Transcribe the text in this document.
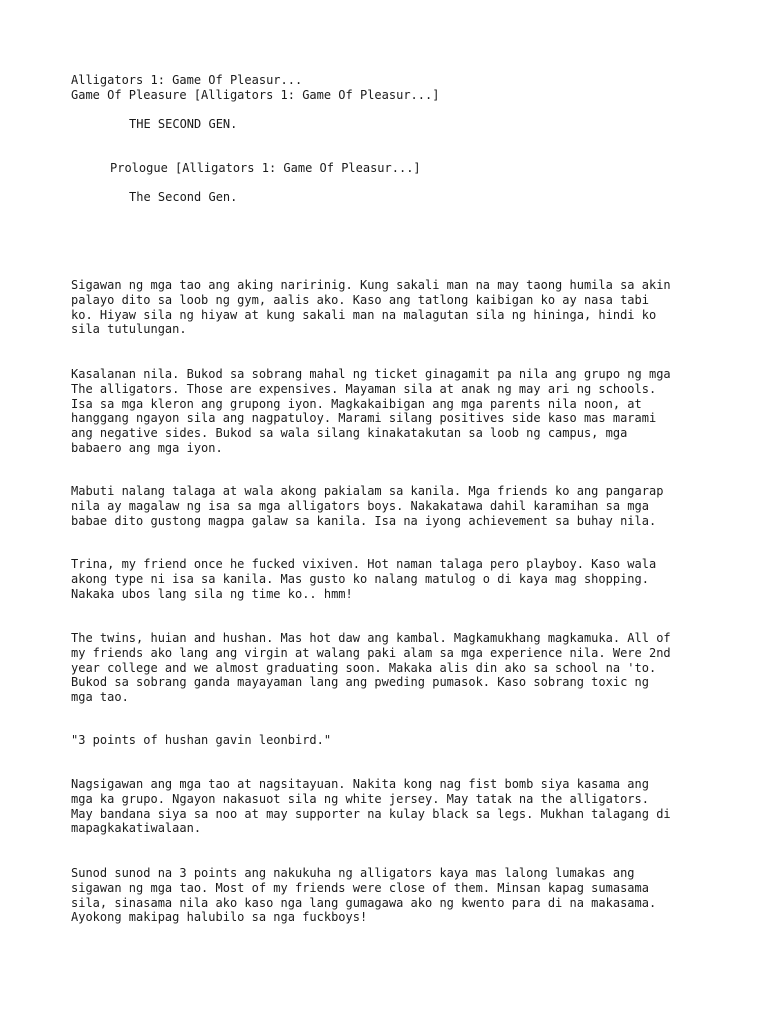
Alligators 1: Game Of Pleasur...

Game Of Pleasure [Alligators 1: Game Of Pleasur...]

THE SECOND GEN.

Prologue [Alligators 1: Game Of Pleasur...]

The Second Gen.

Sigawan ng mga tao ang aking naririnig. Kung sakali man na may taong humila sa akin
palayo dito sa loob ng gym, aalis ako. Kaso ang tatlong kaibigan ko ay nasa tabi
ko. Hiyaw sila ng hiyaw at kung sakali man na malagutan sila ng hininga, hindi ko
sila tutulungan.
Kasalanan nila. Bukod sa sobrang mahal ng ticket ginagamit pa nila ang grupo ng mga
The alligators. Those are expensives. Mayaman sila at anak ng may ari ng schools.
Isa sa mga kleron ang grupong iyon. Magkakaibigan ang mga parents nila noon, at
hanggang ngayon sila ang nagpatuloy. Marami silang positives side kaso mas marami
ang negative sides. Bukod sa wala silang kinakatakutan sa loob ng campus, mga
babaero ang mga iyon.
Mabuti nalang talaga at wala akong pakialam sa kanila. Mga friends ko ang pangarap
nila ay magalaw ng isa sa mga alligators boys. Nakakatawa dahil karamihan sa mga
babae dito gustong magpa galaw sa kanila. Isa na iyong achievement sa buhay nila.
Trina, my friend once he fucked vixiven. Hot naman talaga pero playboy. Kaso wala
akong type ni isa sa kanila. Mas gusto ko nalang matulog o di kaya mag shopping.
Nakaka ubos lang sila ng time ko.. hmm!
The twins, huian and hushan. Mas hot daw ang kambal. Magkamukhang magkamuka. All of
my friends ako lang ang virgin at walang paki alam sa mga experience nila. Were 2nd
year college and we almost graduating soon. Makaka alis din ako sa school na 'to.
Bukod sa sobrang ganda mayayaman lang ang pweding pumasok. Kaso sobrang toxic ng
mga tao.
"3 points of hushan gavin leonbird."
Nagsigawan ang mga tao at nagsitayuan. Nakita kong nag fist bomb siya kasama ang
mga ka grupo. Ngayon nakasuot sila ng white jersey. May tatak na the alligators.
May bandana siya sa noo at may supporter na kulay black sa legs. Mukhan talagang di
mapagkakatiwalaan.
Sunod sunod na 3 points ang nakukuha ng alligators kaya mas lalong lumakas ang
sigawan ng mga tao. Most of my friends were close of them. Minsan kapag sumasama
sila, sinasama nila ako kaso nga lang gumagawa ako ng kwento para di na makasama.
Ayokong makipag halubilo sa nga fuckboys!
